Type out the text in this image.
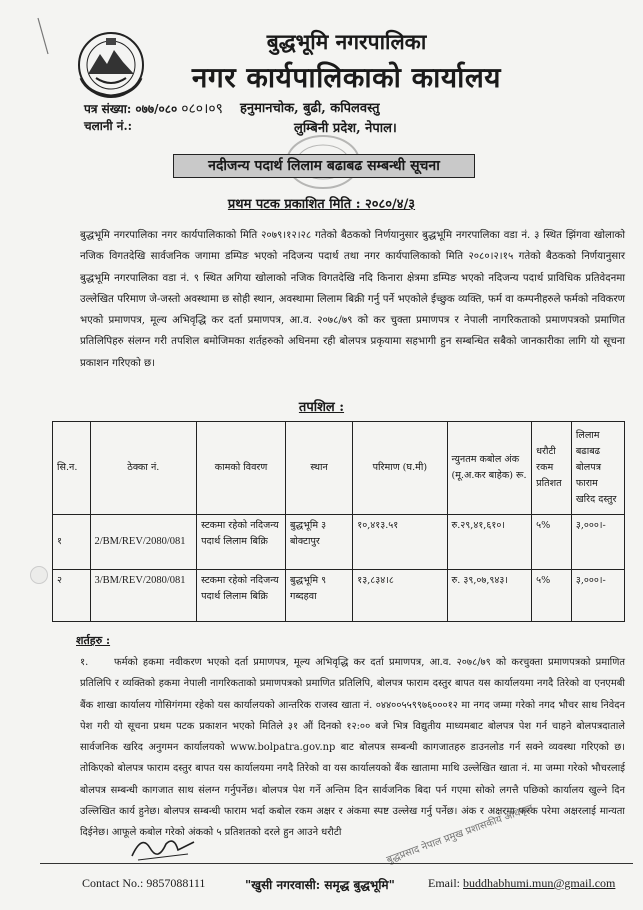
बुद्धभूमि नगरपालिका
नगर कार्यपालिकाको कार्यालय
हनुमानचोक, बुढी, कपिलवस्तु
लुम्बिनी प्रदेश, नेपाल।
पत्र संख्या: ०७७/०८० ०८०।०९
चलानी नं.:
नदीजन्य पदार्थ लिलाम बढाबढ सम्बन्धी सूचना
प्रथम पटक प्रकाशित मिति : २०८०/४/३
बुद्धभूमि नगरपालिका नगर कार्यपालिकाको मिति २०७९।१२।२८ गतेको बैठकको निर्णयानुसार बुद्धभूमि नगरपालिका वडा नं. ३ स्थित झिंगवा खोलाको नजिक विगतदेखि सार्वजनिक जगामा डम्पिङ भएको नदिजन्य पदार्थ तथा नगर कार्यपालिकाको मिति २०८०।२।१५ गतेको बैठकको निर्णयानुसार बुद्धभूमि नगरपालिका वडा नं. ९ स्थित अगिया खोलाको नजिक विगतदेखि नदि किनारा क्षेत्रमा डम्पिङ भएको नदिजन्य पदार्थ प्राविधिक प्रतिवेदनमा उल्लेखित परिमाण जे-जस्तो अवस्थामा छ सोही स्थान, अवस्थामा लिलाम बिक्री गर्नु पर्ने भएकोले ईच्छुक व्यक्ति, फर्म वा कम्पनीहरुले फर्मको नविकरण भएको प्रमाणपत्र, मूल्य अभिवृद्धि कर दर्ता प्रमाणपत्र, आ.व. २०७८/७९ को कर चुक्ता प्रमाणपत्र र नेपाली नागरिकताको प्रमाणपत्रको प्रमाणित प्रतिलिपिहरु संलग्न गरी तपशिल बमोजिमका शर्तहरुको अधिनमा रही बोलपत्र प्रकृयामा सहभागी हुन सम्बन्धित सबैको जानकारीका लागि यो सूचना प्रकाशन गरिएको छ।
तपशिल :
सि.न.	ठेक्का नं.	कामको विवरण	स्थान	परिमाण (घ.मी)	न्युनतम कबोल अंक (मू.अ.कर बाहेक) रू.	धरौटी रकम प्रतिशत	लिलाम बढाबढ बोलपत्र फाराम खरिद दस्तुर
१	2/BM/REV/2080/081	स्टकमा रहेको नदिजन्य पदार्थ लिलाम बिक्रि	बुद्धभूमि ३ बोक्टापुर	१०,४१३.५१	रु.२९,४१,६१०।	५%	३,०००।-
२	3/BM/REV/2080/081	स्टकमा रहेको नदिजन्य पदार्थ लिलाम बिक्रि	बुद्धभूमि ९ गब्दहवा	१३,८३४।८	रु. ३९,०७,९४३।	५%	३,०००।-
शर्तहरु :
१.	फर्मको हकमा नवीकरण भएको दर्ता प्रमाणपत्र, मूल्य अभिवृद्धि कर दर्ता प्रमाणपत्र, आ.व. २०७८/७९ को करचुक्ता प्रमाणपत्रको प्रमाणित प्रतिलिपि र व्यक्तिको हकमा नेपाली नागरिकताको प्रमाणपत्रको प्रमाणित प्रतिलिपि, बोलपत्र फाराम दस्तुर बापत यस कार्यालयमा नगदै तिरेको वा एनएमबी बैंक शाखा कार्यालय गोसिगंगमा रहेको यस कार्यालयको आन्तरिक राजस्व खाता नं. ०४४००५५९९७६०००१२ मा नगद जम्मा गरेको नगद भौचर साथ निवेदन पेश गरी यो सूचना प्रथम पटक प्रकाशन भएको मितिले ३१ औं दिनको १२:०० बजे भित्र विद्युतीय माध्यमबाट बोलपत्र पेश गर्न चाहने बोलपत्रदाताले सार्वजनिक खरिद अनुगमन कार्यालयको www.bolpatra.gov.np बाट बोलपत्र सम्बन्धी कागजातहरु डाउनलोड गर्न सक्ने व्यवस्था गरिएको छ। तोकिएको बोलपत्र फाराम दस्तुर बापत यस कार्यालयमा नगदै तिरेको वा यस कार्यालयको बैंक खातामा माथि उल्लेखित खाता नं. मा जम्मा गरेको भौचरलाई बोलपत्र सम्बन्धी कागजात साथ संलग्न गर्नुपर्नेछ। बोलपत्र पेश गर्ने अन्तिम दिन सार्वजनिक बिदा पर्न गएमा सोको लगत्तै पछिको कार्यालय खुल्ने दिन उल्लिखित कार्य हुनेछ। बोलपत्र सम्बन्धी फाराम भर्दा कबोल रकम अक्षर र अंकमा स्पष्ट उल्लेख गर्नु पर्नेछ। अंक र अक्षरमा फरक परेमा अक्षरलाई मान्यता दिईनेछ। आफूले कबोल गरेको अंकको ५ प्रतिशतको दरले हुन आउने धरौटी	बुद्धप्रसाद नेपाल प्रमुख प्रशासकीय अधिकृत
Contact No.: 9857088111	"खुसी नगरवासी: समृद्ध बुद्धभूमि"	Email: buddhabhumi.mun@gmail.com
